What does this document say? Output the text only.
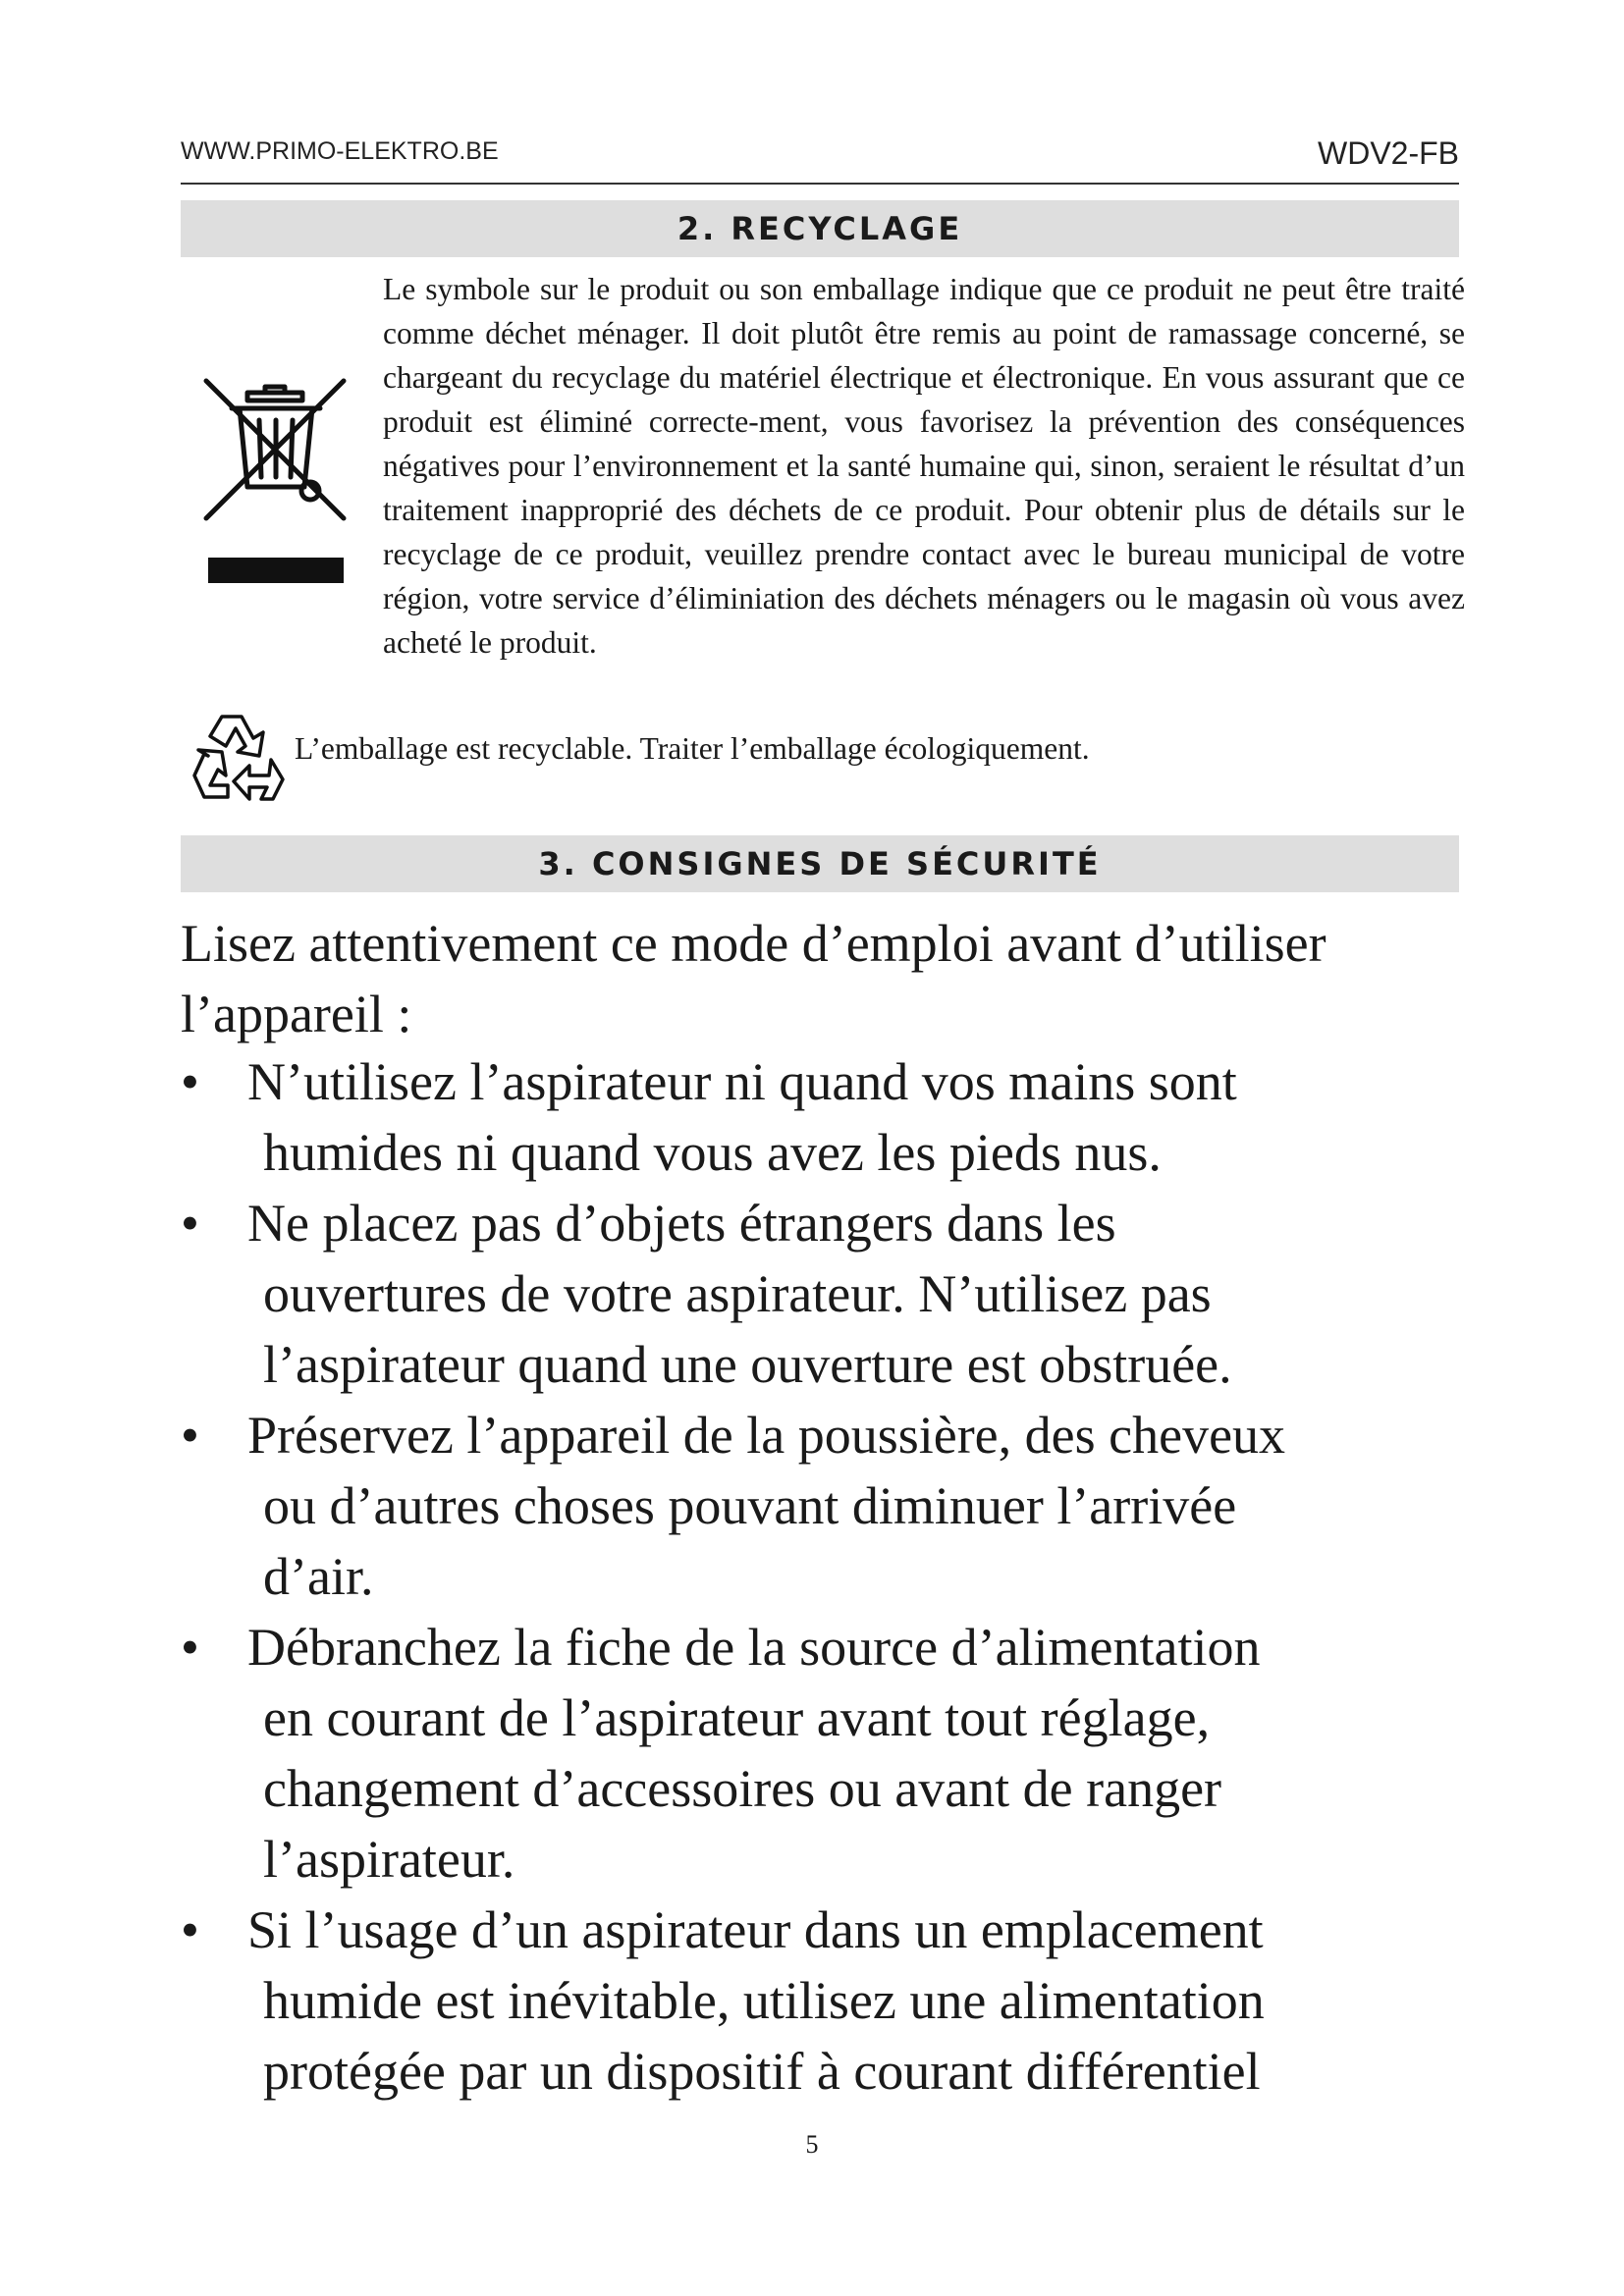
WWW.PRIMO-ELEKTRO.BE	WDV2-FB
2. RECYCLAGE
Le symbole sur le produit ou son emballage indique que ce produit ne peut être traité comme déchet ménager. Il doit plutôt être remis au point de ramassage concerné, se chargeant du recyclage du matériel électrique et électronique. En vous assurant que ce produit est éliminé correcte-ment, vous favorisez la prévention des conséquences négatives pour l’environnement et la santé humaine qui, sinon, seraient le résultat d’un traitement inapproprié des déchets de ce produit. Pour obtenir plus de détails sur le recyclage de ce produit, veuillez prendre contact avec le bureau municipal de votre région, votre service d’éliminiation des déchets ménagers ou le magasin où vous avez acheté le produit.
L’emballage est recyclable. Traiter l’emballage écologiquement.
3. CONSIGNES DE SÉCURITÉ
Lisez attentivement ce mode d’emploi avant d’utiliser
l’appareil :
• N’utilisez l’aspirateur ni quand vos mains sont
humides ni quand vous avez les pieds nus.
• Ne placez pas d’objets étrangers dans les
ouvertures de votre aspirateur. N’utilisez pas
l’aspirateur quand une ouverture est obstruée.
• Préservez l’appareil de la poussière, des cheveux
ou d’autres choses pouvant diminuer l’arrivée
d’air.
• Débranchez la fiche de la source d’alimentation
en courant de l’aspirateur avant tout réglage,
changement d’accessoires ou avant de ranger
l’aspirateur.
• Si l’usage d’un aspirateur dans un emplacement
humide est inévitable, utilisez une alimentation
protégée par un dispositif à courant différentiel
5
